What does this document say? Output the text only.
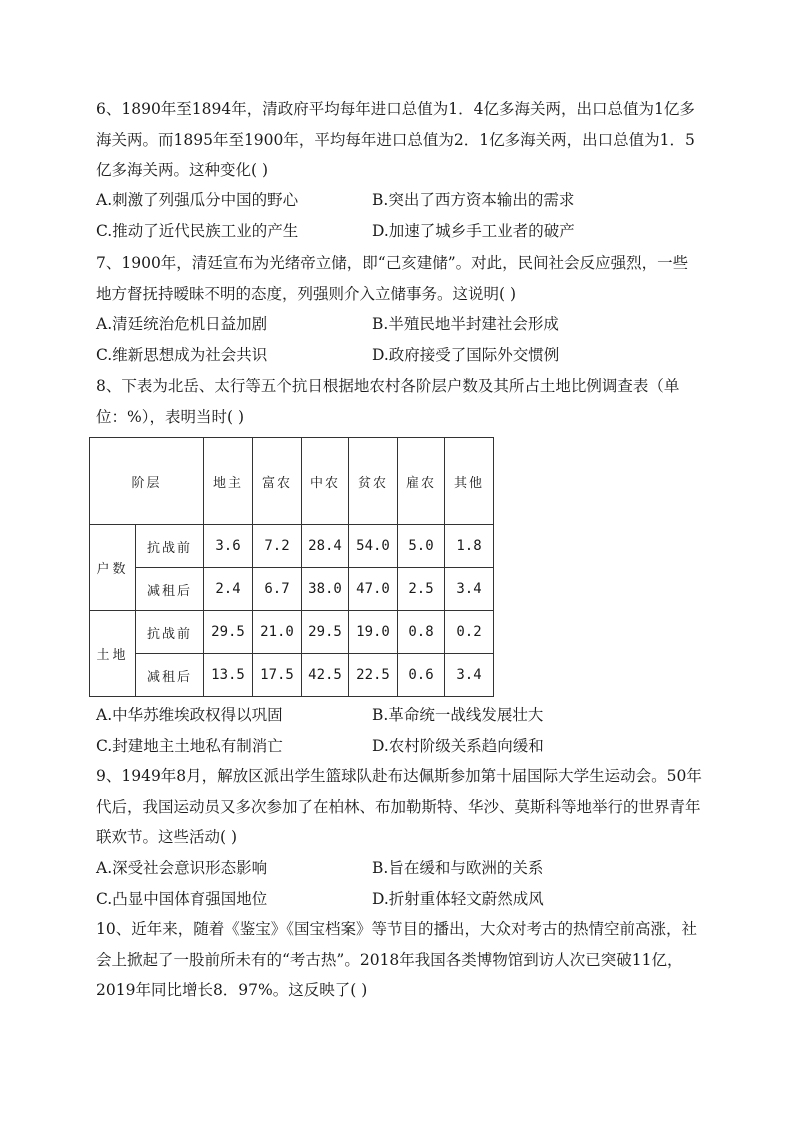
6、1890年至1894年，清政府平均每年进口总值为1．4亿多海关两，出口总值为1亿多海关两。而1895年至1900年，平均每年进口总值为2．1亿多海关两，出口总值为1．5亿多海关两。这种变化( )

A.刺激了列强瓜分中国的野心	B.突出了西方资本输出的需求
C.推动了近代民族工业的产生	D.加速了城乡手工业者的破产

7、1900年，清廷宣布为光绪帝立储，即“己亥建储”。对此，民间社会反应强烈，一些地方督抚持暧昧不明的态度，列强则介入立储事务。这说明( )

A.清廷统治危机日益加剧	B.半殖民地半封建社会形成
C.维新思想成为社会共识	D.政府接受了国际外交惯例

8、下表为北岳、太行等五个抗日根据地农村各阶层户数及其所占土地比例调查表（单位：%），表明当时( )

阶层		地主	富农	中农	贫农	雇农	其他
户数	抗战前	3.6	7.2	28.4	54.0	5.0	1.8
	减租后	2.4	6.7	38.0	47.0	2.5	3.4
土地	抗战前	29.5	21.0	29.5	19.0	0.8	0.2
	减租后	13.5	17.5	42.5	22.5	0.6	3.4
A.中华苏维埃政权得以巩固	B.革命统一战线发展壮大
C.封建地主土地私有制消亡	D.农村阶级关系趋向缓和

9、1949年8月，解放区派出学生篮球队赴布达佩斯参加第十届国际大学生运动会。50年代后，我国运动员又多次参加了在柏林、布加勒斯特、华沙、莫斯科等地举行的世界青年联欢节。这些活动( )

A.深受社会意识形态影响	B.旨在缓和与欧洲的关系
C.凸显中国体育强国地位	D.折射重体轻文蔚然成风

10、近年来，随着《鉴宝》《国宝档案》等节目的播出，大众对考古的热情空前高涨，社会上掀起了一股前所未有的“考古热”。2018年我国各类博物馆到访人次已突破11亿，2019年同比增长8．97%。这反映了( )
